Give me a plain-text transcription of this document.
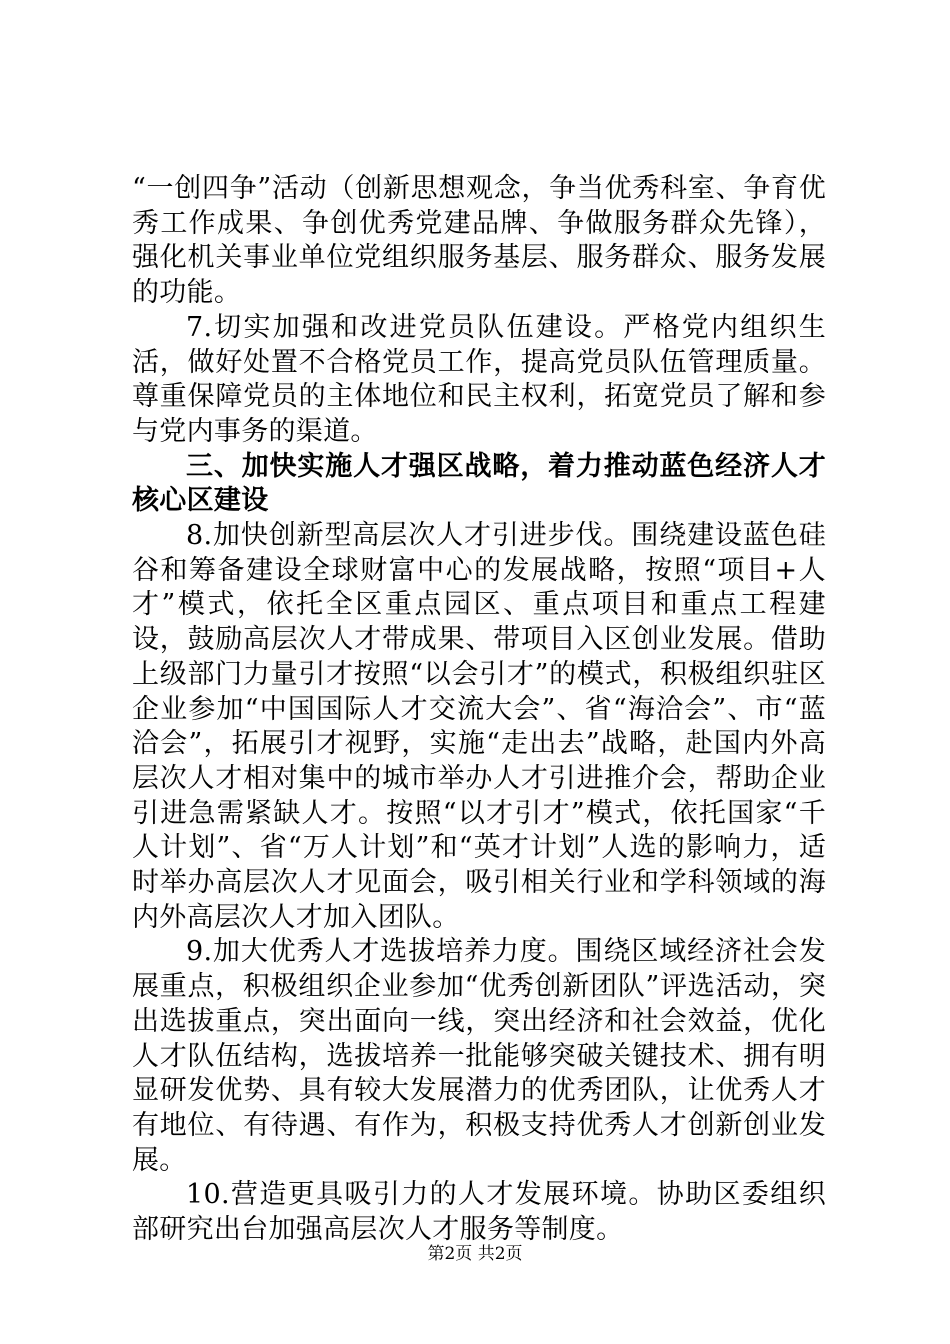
“一创四争”活动（创新思想观念，争当优秀科室、争育优秀工作成果、争创优秀党建品牌、争做服务群众先锋），强化机关事业单位党组织服务基层、服务群众、服务发展的功能。

7.切实加强和改进党员队伍建设。严格党内组织生活，做好处置不合格党员工作，提高党员队伍管理质量。尊重保障党员的主体地位和民主权利，拓宽党员了解和参与党内事务的渠道。

三、加快实施人才强区战略，着力推动蓝色经济人才核心区建设

8.加快创新型高层次人才引进步伐。围绕建设蓝色硅谷和筹备建设全球财富中心的发展战略，按照“项目+人才”模式，依托全区重点园区、重点项目和重点工程建设，鼓励高层次人才带成果、带项目入区创业发展。借助上级部门力量引才按照“以会引才”的模式，积极组织驻区企业参加“中国国际人才交流大会”、省“海洽会”、市“蓝洽会”，拓展引才视野，实施“走出去”战略，赴国内外高层次人才相对集中的城市举办人才引进推介会，帮助企业引进急需紧缺人才。按照“以才引才”模式，依托国家“千人计划”、省“万人计划”和“英才计划”人选的影响力，适时举办高层次人才见面会，吸引相关行业和学科领域的海内外高层次人才加入团队。

9.加大优秀人才选拔培养力度。围绕区域经济社会发展重点，积极组织企业参加“优秀创新团队”评选活动，突出选拔重点，突出面向一线，突出经济和社会效益，优化人才队伍结构，选拔培养一批能够突破关键技术、拥有明显研发优势、具有较大发展潜力的优秀团队，让优秀人才有地位、有待遇、有作为，积极支持优秀人才创新创业发展。

10.营造更具吸引力的人才发展环境。协助区委组织部研究出台加强高层次人才服务等制度。

第2页 共2页
